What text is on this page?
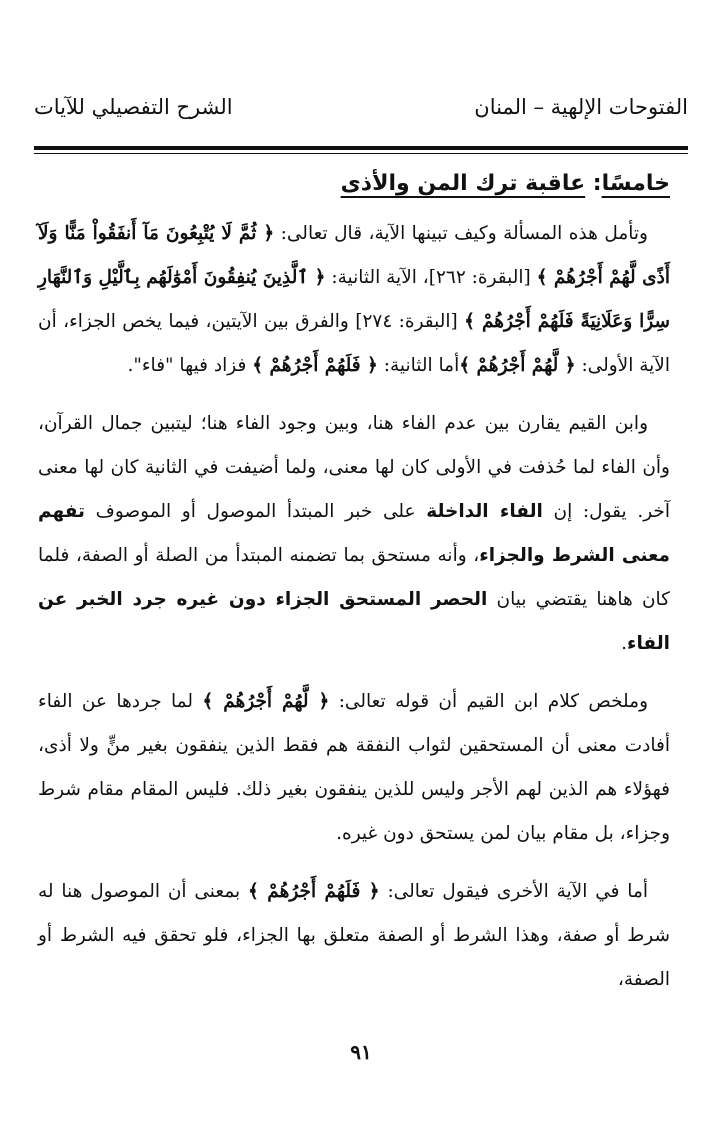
الفتوحات الإلهية – المنان
الشرح التفصيلي للآيات
خامسًا: عاقبة ترك المن والأذى

وتأمل هذه المسألة وكيف تبينها الآية، قال تعالى: ﴿ ثُمَّ لَا يُتْبِعُونَ مَآ أَنفَقُواْ مَنًّا وَلَآ أَذًى لَّهُمْ أَجْرُهُمْ ﴾ [البقرة: ٢٦٢]، الآية الثانية: ﴿ ٱلَّذِينَ يُنفِقُونَ أَمْوَٰلَهُم بِٱلَّيْلِ وَٱلنَّهَارِ سِرًّا وَعَلَانِيَةً فَلَهُمْ أَجْرُهُمْ ﴾ [البقرة: ٢٧٤] والفرق بين الآيتين، فيما يخص الجزاء، أن الآية الأولى: ﴿ لَّهُمْ أَجْرُهُمْ ﴾أما الثانية: ﴿ فَلَهُمْ أَجْرُهُمْ ﴾ فزاد فيها "فاء".

وابن القيم يقارن بين عدم الفاء هنا، وبين وجود الفاء هنا؛ ليتبين جمال القرآن، وأن الفاء لما حُذفت في الأولى كان لها معنى، ولما أضيفت في الثانية كان لها معنى آخر. يقول: إن الفاء الداخلة على خبر المبتدأ الموصول أو الموصوف تفهم معنى الشرط والجزاء، وأنه مستحق بما تضمنه المبتدأ من الصلة أو الصفة، فلما كان هاهنا يقتضي بيان الحصر المستحق الجزاء دون غيره جرد الخبر عن الفاء.

وملخص كلام ابن القيم أن قوله تعالى: ﴿ لَّهُمْ أَجْرُهُمْ ﴾ لما جردها عن الفاء أفادت معنى أن المستحقين لثواب النفقة هم فقط الذين ينفقون بغير منٍّ ولا أذى، فهؤلاء هم الذين لهم الأجر وليس للذين ينفقون بغير ذلك. فليس المقام مقام شرط وجزاء، بل مقام بيان لمن يستحق دون غيره.

أما في الآية الأخرى فيقول تعالى: ﴿ فَلَهُمْ أَجْرُهُمْ ﴾ بمعنى أن الموصول هنا له شرط أو صفة، وهذا الشرط أو الصفة متعلق بها الجزاء، فلو تحقق فيه الشرط أو الصفة،

٩١
